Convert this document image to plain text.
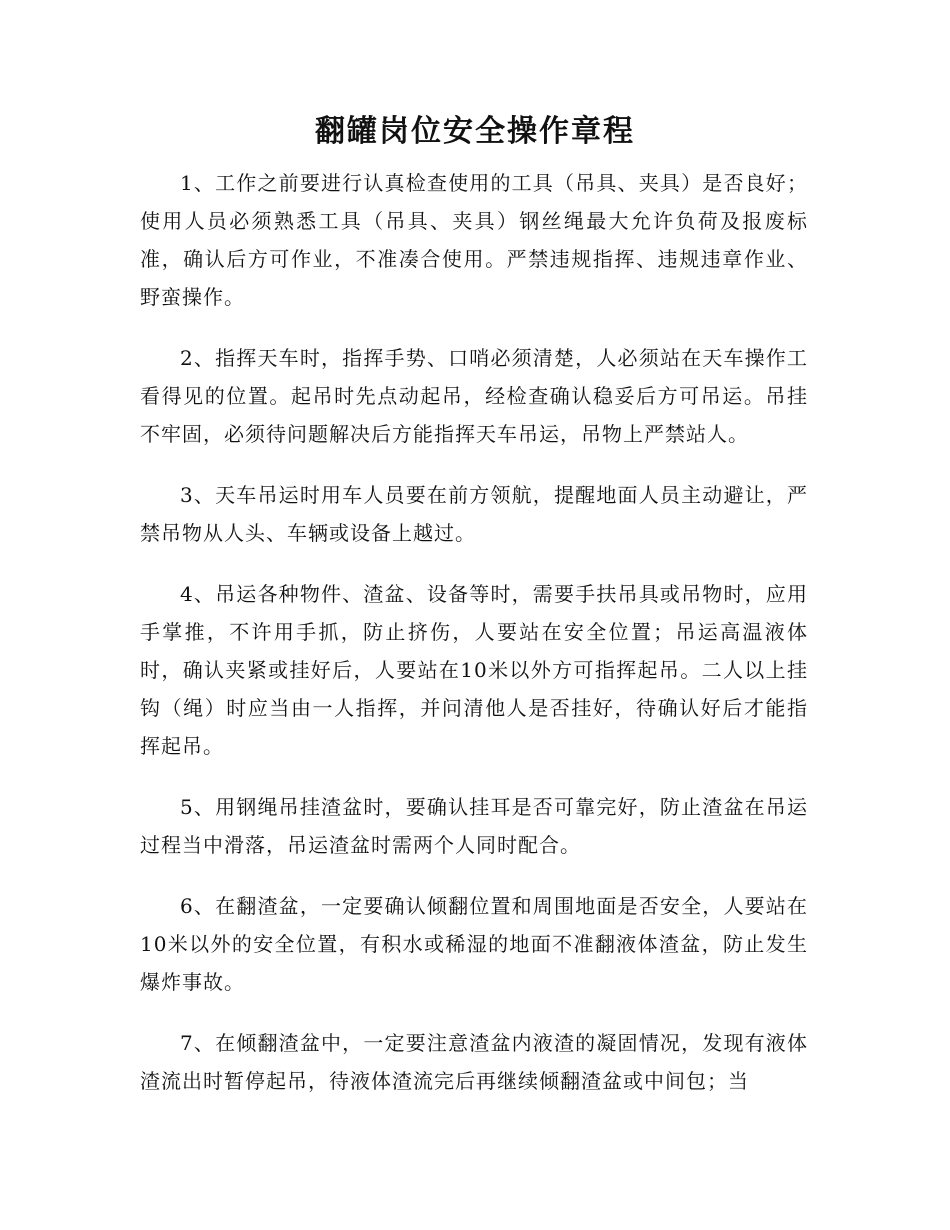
翻罐岗位安全操作章程

1、工作之前要进行认真检查使用的工具（吊具、夹具）是否良好；使用人员必须熟悉工具（吊具、夹具）钢丝绳最大允许负荷及报废标准，确认后方可作业，不准凑合使用。严禁违规指挥、违规违章作业、野蛮操作。

2、指挥天车时，指挥手势、口哨必须清楚，人必须站在天车操作工看得见的位置。起吊时先点动起吊，经检查确认稳妥后方可吊运。吊挂不牢固，必须待问题解决后方能指挥天车吊运，吊物上严禁站人。

3、天车吊运时用车人员要在前方领航，提醒地面人员主动避让，严禁吊物从人头、车辆或设备上越过。

4、吊运各种物件、渣盆、设备等时，需要手扶吊具或吊物时，应用手掌推，不许用手抓，防止挤伤，人要站在安全位置；吊运高温液体时，确认夹紧或挂好后，人要站在10米以外方可指挥起吊。二人以上挂钩（绳）时应当由一人指挥，并问清他人是否挂好，待确认好后才能指挥起吊。

5、用钢绳吊挂渣盆时，要确认挂耳是否可靠完好，防止渣盆在吊运过程当中滑落，吊运渣盆时需两个人同时配合。

6、在翻渣盆，一定要确认倾翻位置和周围地面是否安全，人要站在10米以外的安全位置，有积水或稀湿的地面不准翻液体渣盆，防止发生爆炸事故。

7、在倾翻渣盆中，一定要注意渣盆内液渣的凝固情况，发现有液体渣流出时暂停起吊，待液体渣流完后再继续倾翻渣盆或中间包；当
